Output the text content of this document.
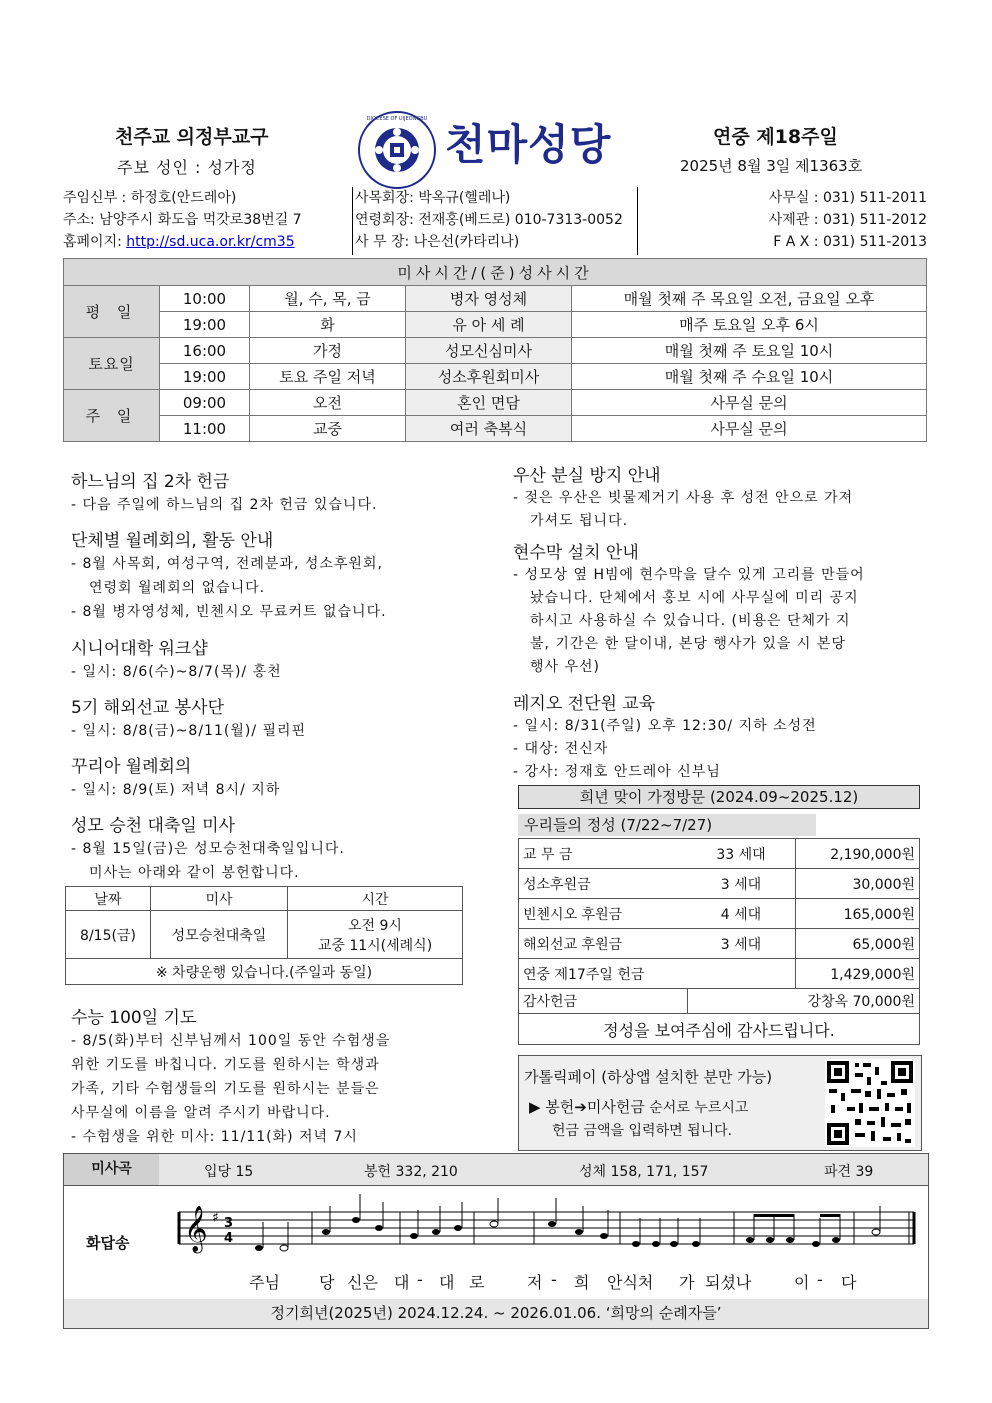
천주교 의정부교구
주보 성인 : 성가정
DIOCESE OF UIJEONGBU
천마성당	연중 제18주일
2025년 8월 3일 제1363호
주임신부 : 하정호(안드레아)
주소: 남양주시 화도읍 먹갓로38번길 7
홈페이지: http://sd.uca.or.kr/cm35
사목회장: 박옥규(헬레나)
연령회장: 전재홍(베드로) 010-7313-0052
사 무 장: 나은선(카타리나)
사무실 : 031) 511-2011
사제관 : 031) 511-2012
F A X : 031) 511-2013
미사시간/(준)성사시간				
평 일	10:00	월, 수, 목, 금	병자 영성체	매월 첫째 주 목요일 오전, 금요일 오후
	19:00	화	유 아 세 례	매주 토요일 오후 6시
토요일	16:00	가정	성모신심미사	매월 첫째 주 토요일 10시
	19:00	토요 주일 저녁	성소후원회미사	매월 첫째 주 수요일 10시
주 일	09:00	오전	혼인 면담	사무실 문의
	11:00	교중	여러 축복식	사무실 문의
하느님의 집 2차 헌금
- 다음 주일에 하느님의 집 2차 헌금 있습니다.
단체별 월례회의, 활동 안내
- 8월 사목회, 여성구역, 전례분과, 성소후원회,
연령회 월례회의 없습니다.
- 8월 병자영성체, 빈첸시오 무료커트 없습니다.
시니어대학 워크샵
- 일시: 8/6(수)~8/7(목)/ 홍천
5기 해외선교 봉사단
- 일시: 8/8(금)~8/11(월)/ 필리핀
꾸리아 월례회의
- 일시: 8/9(토) 저녁 8시/ 지하
성모 승천 대축일 미사
- 8월 15일(금)은 성모승천대축일입니다.
미사는 아래와 같이 봉헌합니다.
날짜	미사	시간
8/15(금)	성모승천대축일	오전 9시
교중 11시(세례식)

※ 차량운행 있습니다.(주일과 동일)		
수능 100일 기도
- 8/5(화)부터 신부님께서 100일 동안 수험생을
위한 기도를 바칩니다. 기도를 원하시는 학생과
가족, 기타 수험생들의 기도를 원하시는 분들은
사무실에 이름을 알려 주시기 바랍니다.
- 수험생을 위한 미사: 11/11(화) 저녁 7시
우산 분실 방지 안내
- 젖은 우산은 빗물제거기 사용 후 성전 안으로 가져
가셔도 됩니다.
현수막 설치 안내
- 성모상 옆 H빔에 현수막을 달수 있게 고리를 만들어
놨습니다. 단체에서 홍보 시에 사무실에 미리 공지
하시고 사용하실 수 있습니다. (비용은 단체가 지
불, 기간은 한 달이내, 본당 행사가 있을 시 본당
행사 우선)
레지오 전단원 교육
- 일시: 8/31(주일) 오후 12:30/ 지하 소성전
- 대상: 전신자
- 강사: 정재호 안드레아 신부님
희년 맞이 가정방문 (2024.09~2025.12)
우리들의 정성 (7/22~7/27)
교 무 금	33 세대	2,190,000원
성소후원금	3 세대	30,000원
빈첸시오 후원금	4 세대	165,000원
해외선교 후원금	3 세대	65,000원
연중 제17주일 헌금		1,429,000원
감사헌금	강창옥 70,000원	
정성을 보여주심에 감사드립니다.		
가톨릭페이 (하상앱 설치한 분만 가능)
▶ 봉헌➔미사헌금 순서로 누르시고
헌금 금액을 입력하면 됩니다.
미사곡	입당 15	봉헌 332, 210	성체 158, 171, 157	파견 39
화답송 𝄞 ♯ 3
4
주님 당 신은 대 - 대 로	저 - 희 안식처 가 되셨나	이 - 다
정기희년(2025년) 2024.12.24. ~ 2026.01.06. ‘희망의 순례자들’
